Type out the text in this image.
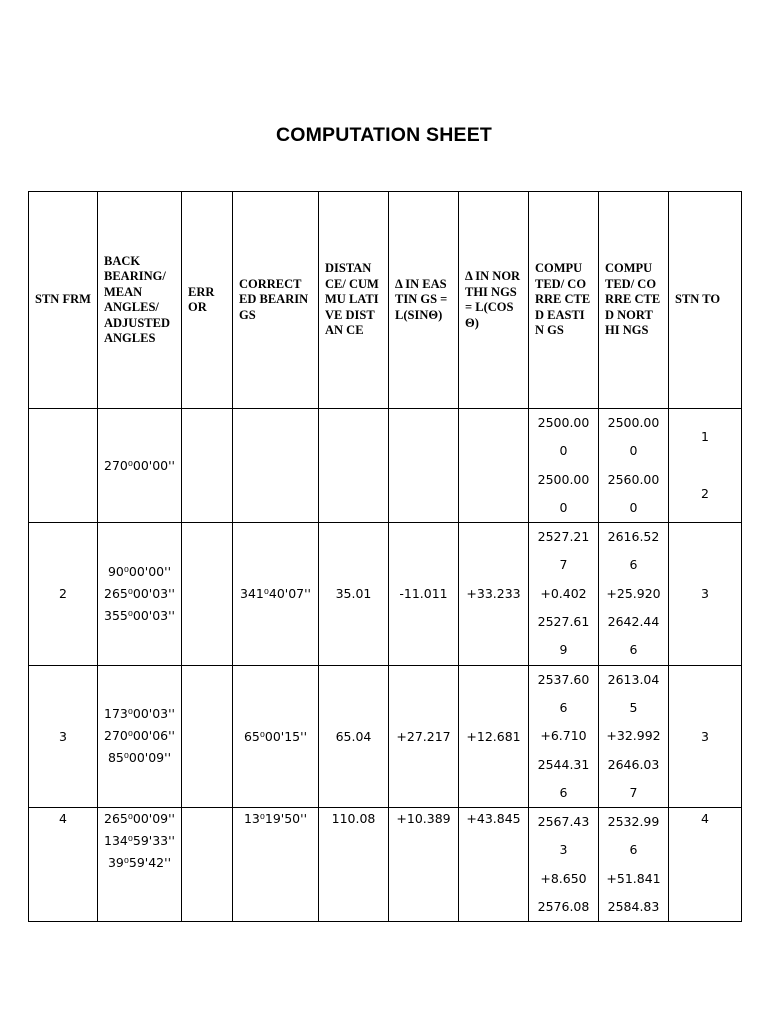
COMPUTATION SHEET
STN FRM	BACK BEARING/ MEAN ANGLES/ ADJUSTED ANGLES	ERR OR	CORRECT ED BEARINGS	DISTAN CE/ CUMMU LATIVE DISTAN CE	Δ IN EASTIN GS = L(SINΘ)	Δ IN NORTHI NGS = L(COSΘ)	COMPU TED/ CORRE CTED EASTIN GS	COMPU TED/ CORRE CTED NORTHI NGS	STN TO

	270⁰00'00''						2500.00
0
2500.00
0	2500.00
0
2560.00
0	1

2

2	90⁰00'00''
265⁰00'03''
355⁰00'03''		341⁰40'07''	35.01	-11.011	+33.233	2527.21
7
+0.402
2527.61
9	2616.52
6
+25.920
2642.44
6	3
3	173⁰00'03''
270⁰00'06''
85⁰00'09''		65⁰00'15''	65.04	+27.217	+12.681	2537.60
6
+6.710
2544.31
6	2613.04
5
+32.992
2646.03
7	3
4	265⁰00'09''
134⁰59'33''
39⁰59'42''		13⁰19'50''	110.08	+10.389	+43.845	2567.43
3
+8.650
2576.08	2532.99
6
+51.841
2584.83	4
